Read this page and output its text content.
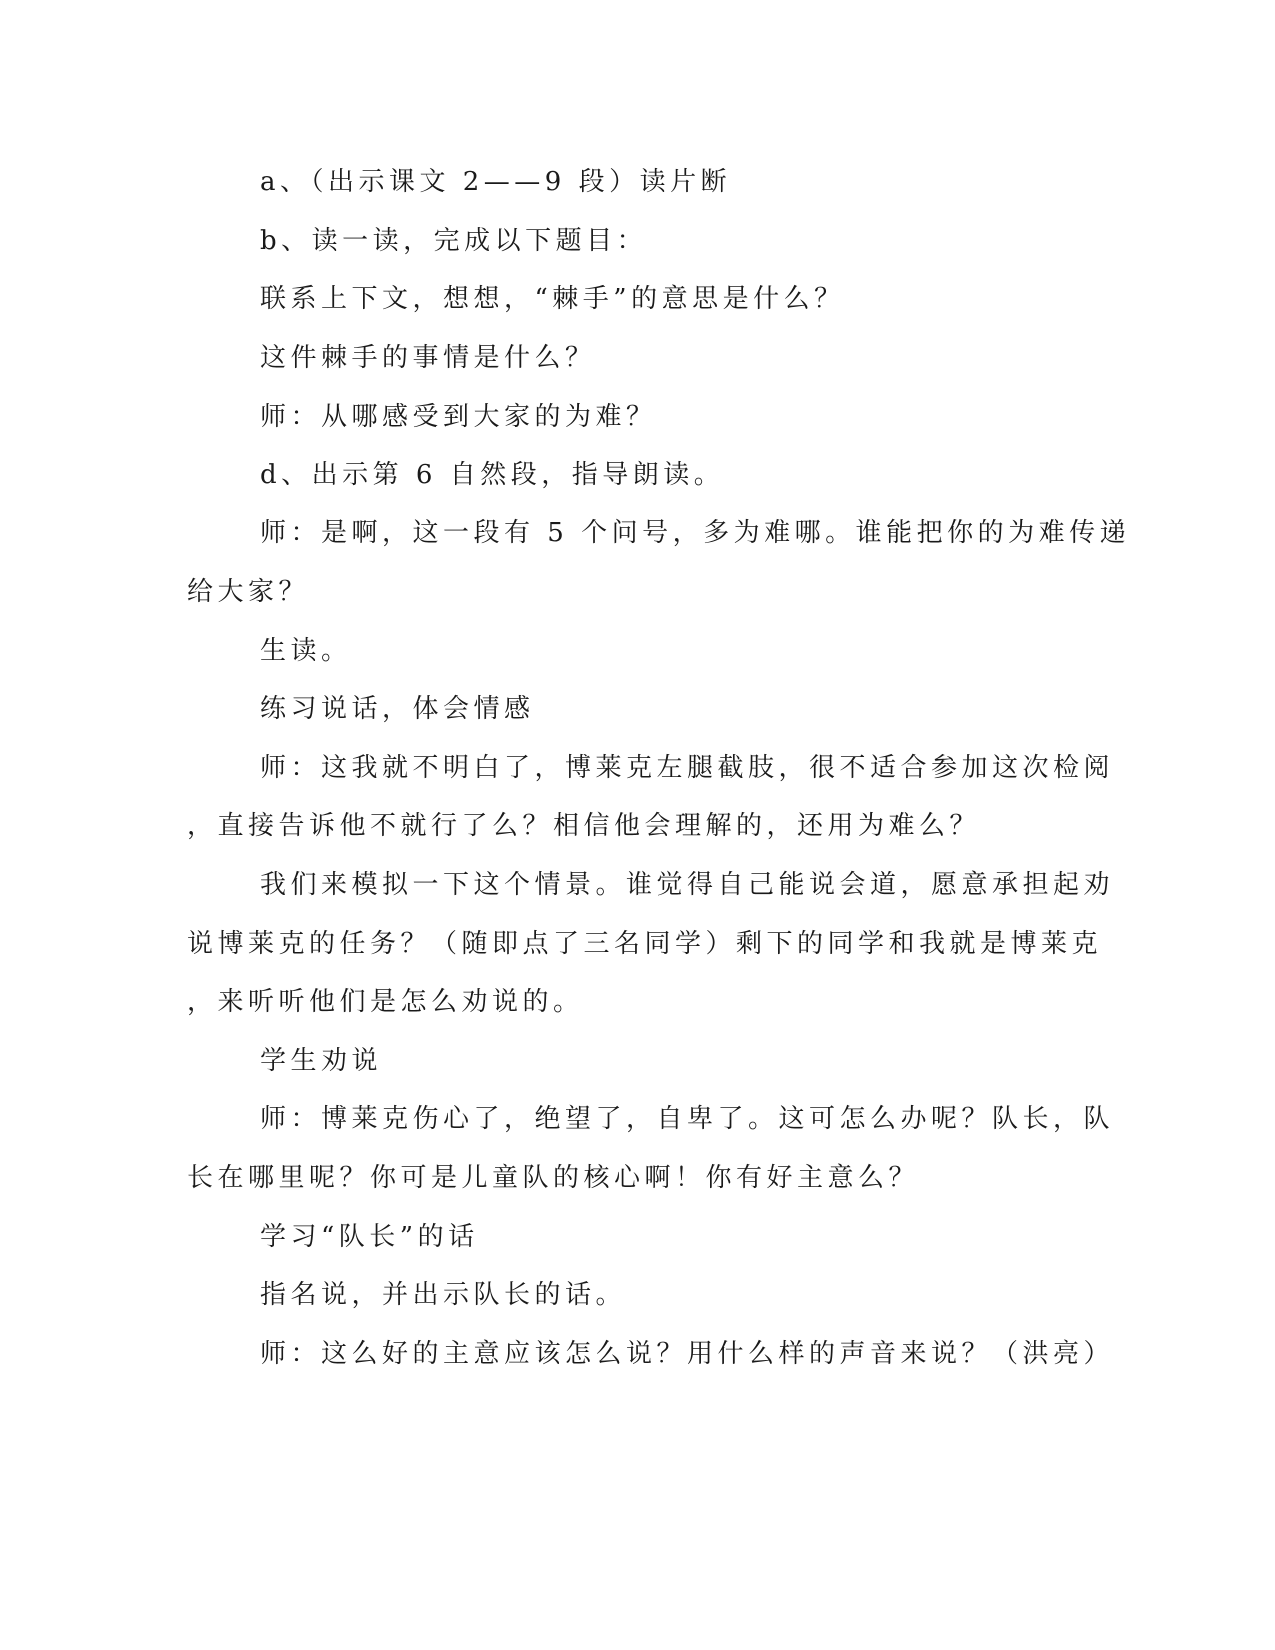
a、（出示课文 2——9 段）读片断
b、读一读，完成以下题目：
联系上下文，想想，“棘手”的意思是什么？
这件棘手的事情是什么？
师：从哪感受到大家的为难？
d、出示第 6 自然段，指导朗读。
师：是啊，这一段有 5 个问号，多为难哪。谁能把你的为难传递
给大家？
生读。
练习说话，体会情感
师：这我就不明白了，博莱克左腿截肢，很不适合参加这次检阅
，直接告诉他不就行了么？相信他会理解的，还用为难么？
我们来模拟一下这个情景。谁觉得自己能说会道，愿意承担起劝
说博莱克的任务？（随即点了三名同学）剩下的同学和我就是博莱克
，来听听他们是怎么劝说的。
学生劝说
师：博莱克伤心了，绝望了，自卑了。这可怎么办呢？队长，队
长在哪里呢？你可是儿童队的核心啊！你有好主意么？
学习“队长”的话
指名说，并出示队长的话。
师：这么好的主意应该怎么说？用什么样的声音来说？（洪亮）
